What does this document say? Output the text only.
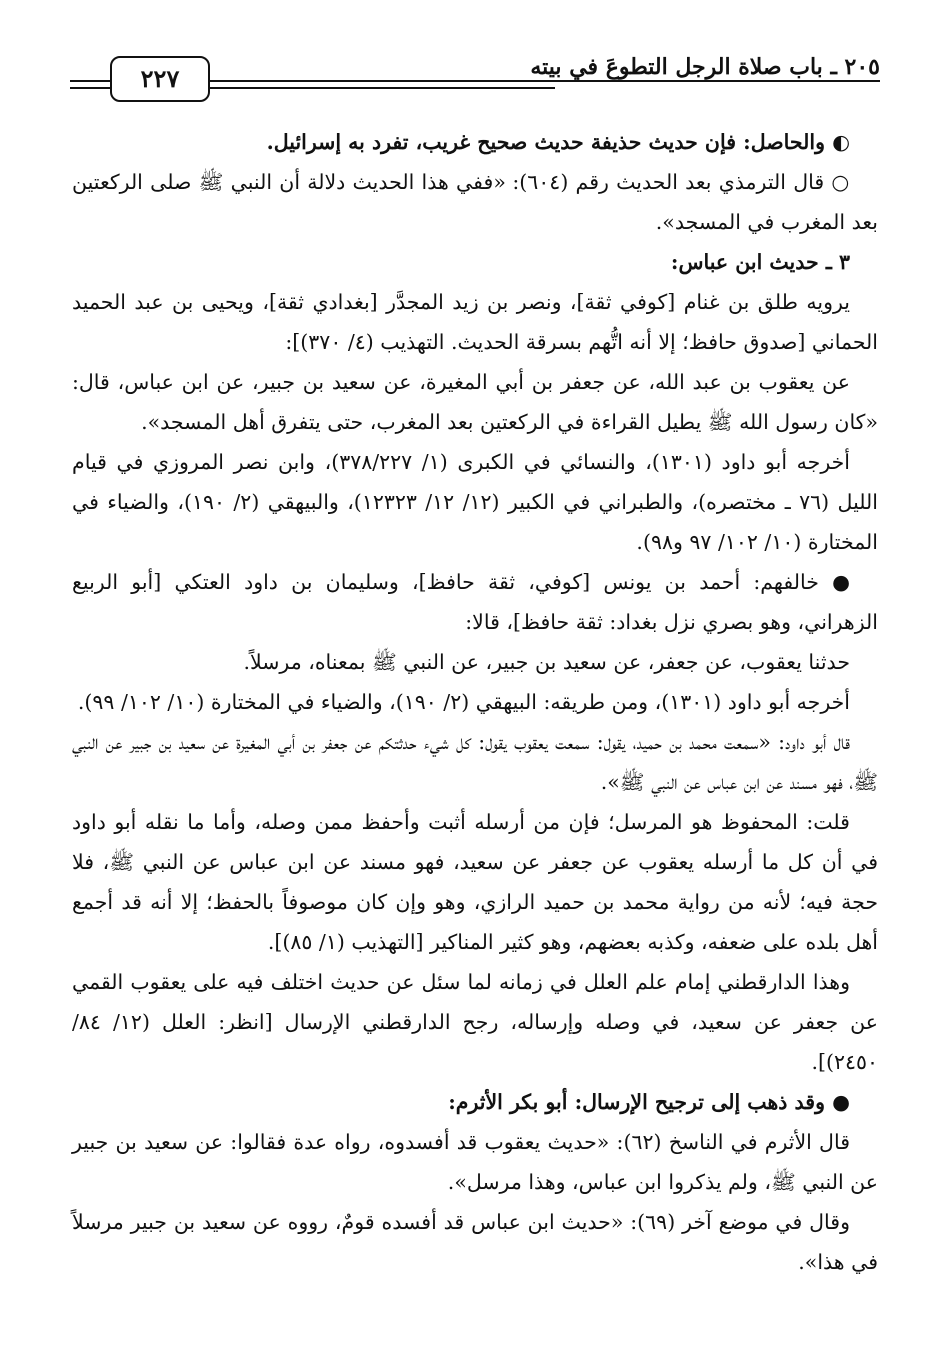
٢٠٥ ـ باب صلاة الرجل التطوعَ في بيته
٢٢٧

◐ والحاصل: فإن حديث حذيفة حديث صحيح غريب، تفرد به إسرائيل.

○ قال الترمذي بعد الحديث رقم (٦٠٤): «ففي هذا الحديث دلالة أن النبي ﷺ صلى الركعتين بعد المغرب في المسجد».

٣ ـ حديث ابن عباس:

يرويه طلق بن غنام [كوفي ثقة]، ونصر بن زيد المجدَّر [بغدادي ثقة]، ويحيى بن عبد الحميد الحماني [صدوق حافظ؛ إلا أنه اتُّهم بسرقة الحديث. التهذيب (٤/ ٣٧٠)]:

عن يعقوب بن عبد الله، عن جعفر بن أبي المغيرة، عن سعيد بن جبير، عن ابن عباس، قال: «كان رسول الله ﷺ يطيل القراءة في الركعتين بعد المغرب، حتى يتفرق أهل المسجد».

أخرجه أبو داود (١٣٠١)، والنسائي في الكبرى (١/ ٣٧٨/٢٢٧)، وابن نصر المروزي في قيام الليل (٧٦ ـ مختصره)، والطبراني في الكبير (١٢/ ١٢/ ١٢٣٢٣)، والبيهقي (٢/ ١٩٠)، والضياء في المختارة (١٠/ ١٠٢/ ٩٧ و٩٨).

● خالفهم: أحمد بن يونس [كوفي، ثقة حافظ]، وسليمان بن داود العتكي [أبو الربيع الزهراني، وهو بصري نزل بغداد: ثقة حافظ]، قالا:

حدثنا يعقوب، عن جعفر، عن سعيد بن جبير، عن النبي ﷺ بمعناه، مرسلاً.

أخرجه أبو داود (١٣٠١)، ومن طريقه: البيهقي (٢/ ١٩٠)، والضياء في المختارة (١٠/ ١٠٢/ ٩٩).

قال أبو داود: «سمعت محمد بن حميد، يقول: سمعت يعقوب يقول: كل شيء حدثتكم عن جعفر بن أبي المغيرة عن سعيد بن جبير عن النبي ﷺ، فهو مسند عن ابن عباس عن النبي ﷺ».

قلت: المحفوظ هو المرسل؛ فإن من أرسله أثبت وأحفظ ممن وصله، وأما ما نقله أبو داود في أن كل ما أرسله يعقوب عن جعفر عن سعيد، فهو مسند عن ابن عباس عن النبي ﷺ، فلا حجة فيه؛ لأنه من رواية محمد بن حميد الرازي، وهو وإن كان موصوفاً بالحفظ؛ إلا أنه قد أجمع أهل بلده على ضعفه، وكذبه بعضهم، وهو كثير المناكير [التهذيب (١/ ٨٥)].

وهذا الدارقطني إمام علم العلل في زمانه لما سئل عن حديث اختلف فيه على يعقوب القمي عن جعفر عن سعيد، في وصله وإرساله، رجح الدارقطني الإرسال [انظر: العلل (١٢/ ٨٤/ ٢٤٥٠)].

● وقد ذهب إلى ترجيح الإرسال: أبو بكر الأثرم:

قال الأثرم في الناسخ (٦٢): «حديث يعقوب قد أفسدوه، رواه عدة فقالوا: عن سعيد بن جبير عن النبي ﷺ، ولم يذكروا ابن عباس، وهذا مرسل».

وقال في موضع آخر (٦٩): «حديث ابن عباس قد أفسده قومٌ، رووه عن سعيد بن جبير مرسلاً في هذا».
